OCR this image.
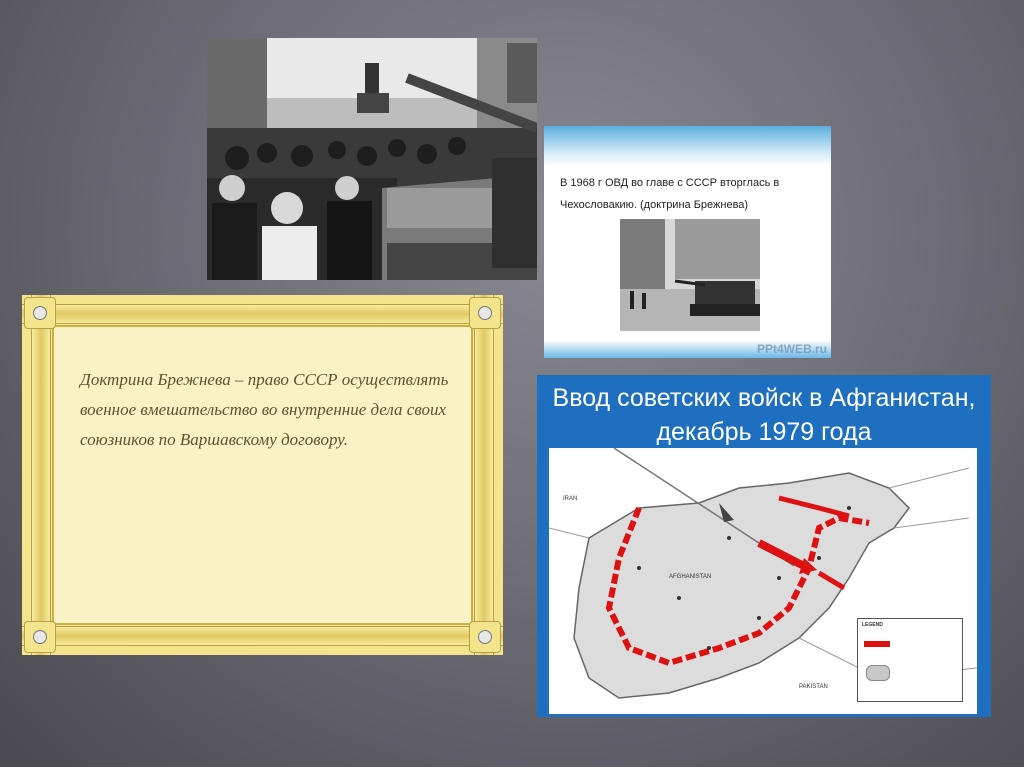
В 1968 г ОВД во главе с СССР вторглась в Чехословакию. (доктрина Брежнева)
PPt4WEB.ru
Доктрина Брежнева – право СССР осуществлять военное вмешательство во внутренние дела своих союзников по Варшавскому договору.
Ввод советских войск в Афганистан, декабрь 1979 года
IRAN
AFGHANISTAN
PAKISTAN
LEGEND
